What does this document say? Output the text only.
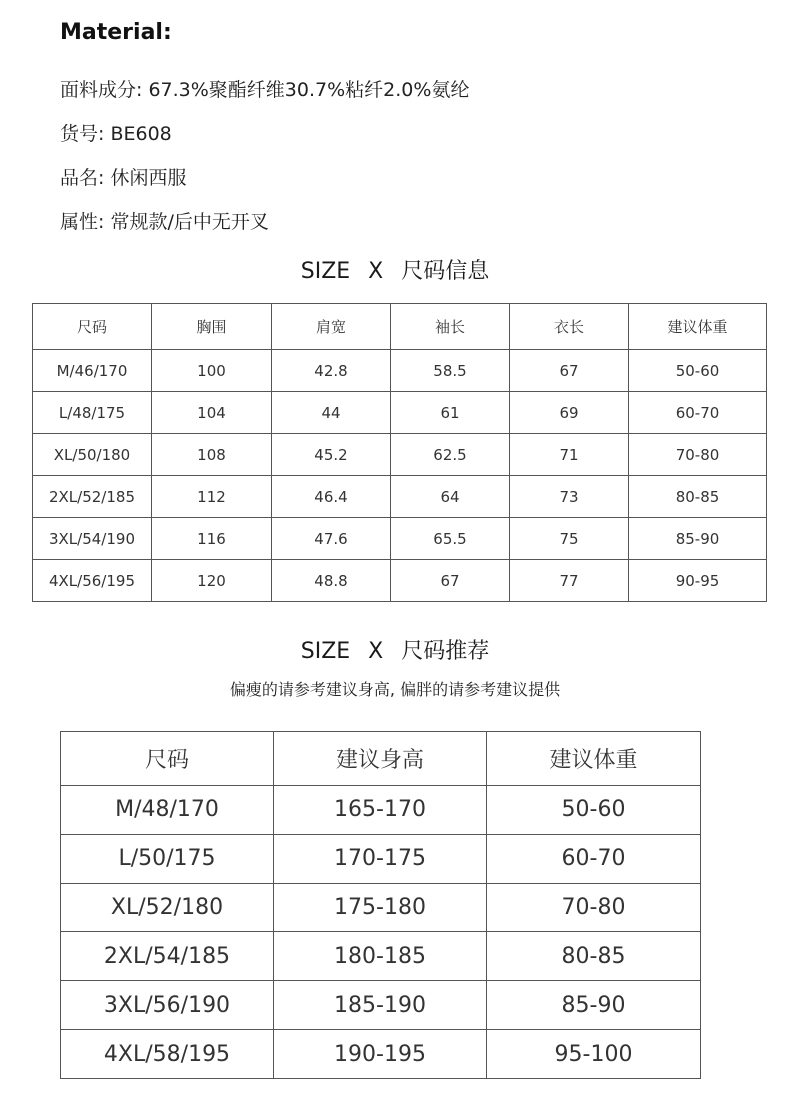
Material:
面料成分: 67.3%聚酯纤维30.7%粘纤2.0%氨纶
货号: BE608
品名: 休闲西服
属性: 常规款/后中无开叉
SIZE X 尺码信息
尺码	胸围	肩宽	袖长	衣长	建议体重
M/46/170	100	42.8	58.5	67	50-60
L/48/175	104	44	61	69	60-70
XL/50/180	108	45.2	62.5	71	70-80
2XL/52/185	112	46.4	64	73	80-85
3XL/54/190	116	47.6	65.5	75	85-90
4XL/56/195	120	48.8	67	77	90-95
SIZE X 尺码推荐
偏瘦的请参考建议身高, 偏胖的请参考建议提供
尺码	建议身高	建议体重
M/48/170	165-170	50-60
L/50/175	170-175	60-70
XL/52/180	175-180	70-80
2XL/54/185	180-185	80-85
3XL/56/190	185-190	85-90
4XL/58/195	190-195	95-100
